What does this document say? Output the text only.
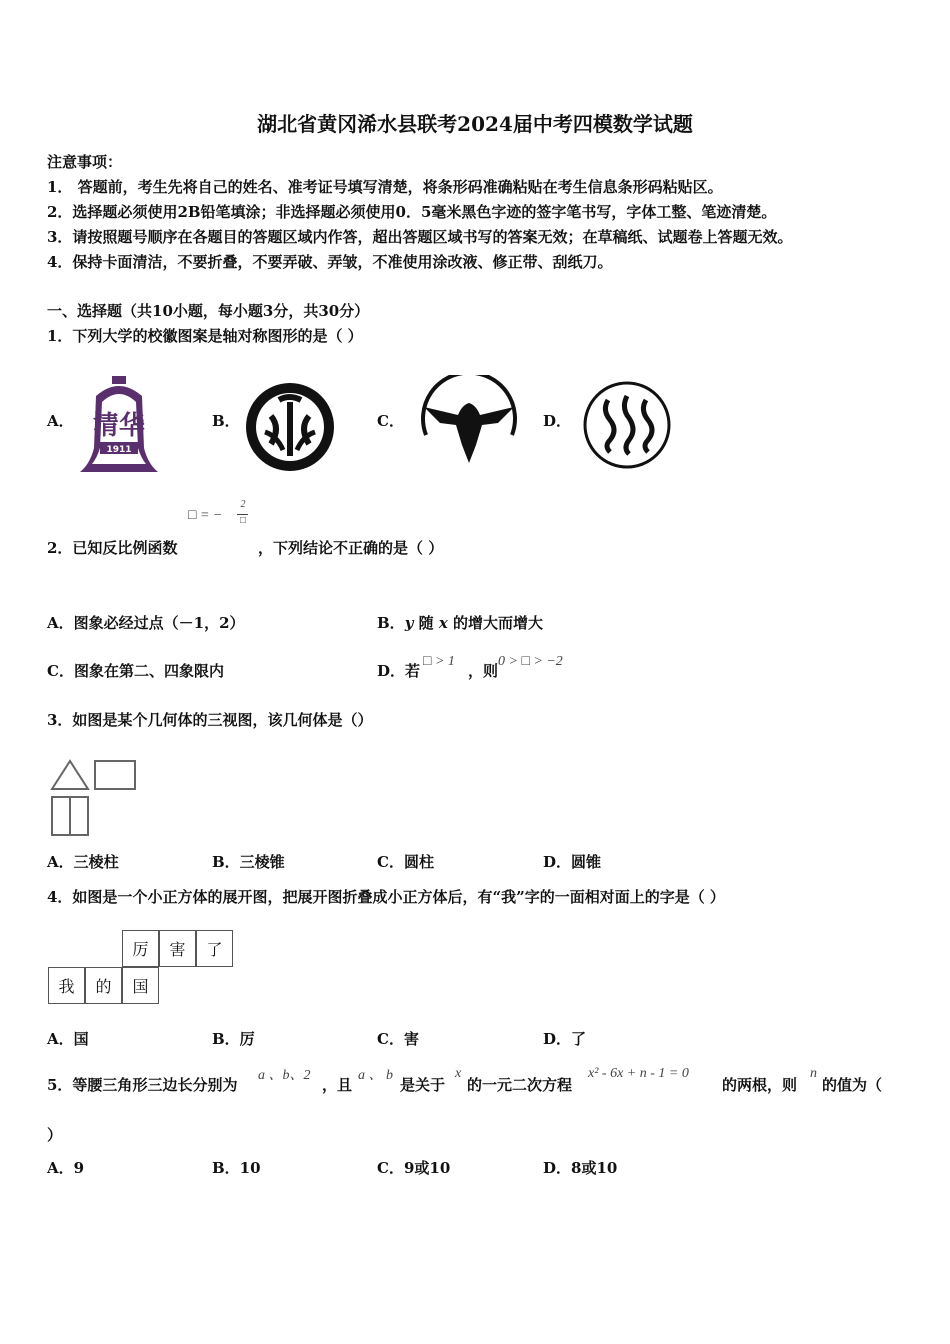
湖北省黄冈浠水县联考2024届中考四模数学试题
注意事项：
1． 答题前，考生先将自己的姓名、准考证号填写清楚，将条形码准确粘贴在考生信息条形码粘贴区。
2．选择题必须使用2B铅笔填涂；非选择题必须使用0．5毫米黑色字迹的签字笔书写，字体工整、笔迹清楚。
3．请按照题号顺序在各题目的答题区域内作答，超出答题区域书写的答案无效；在草稿纸、试题卷上答题无效。
4．保持卡面清洁，不要折叠，不要弄破、弄皱，不准使用涂改液、修正带、刮纸刀。
一、选择题（共10小题，每小题3分，共30分）
1．下列大学的校徽图案是轴对称图形的是（ ）
A．	B．	C．	D．
清华
1911
□ = −
2
□
2．已知反比例函数	，下列结论不正确的是（ ）
A．图象必经过点（－1，2）	B．y 随 x 的增大而增大
C．图象在第二、四象限内	D．若
□ > 1
，则
0 > □ > −2
3．如图是某个几何体的三视图，该几何体是（）
A．三棱柱	B．三棱锥	C．圆柱	D．圆锥
4．如图是一个小正方体的展开图，把展开图折叠成小正方体后，有“我”字的一面相对面上的字是（ ）
厉	害	了
我	的	国
A．国	B．厉	C．害	D．了
5．等腰三角形三边长分别为
a 、b、2
，且
a 、 b
是关于
x
的一元二次方程
x² - 6x + n - 1 = 0
的两根，则
n
的值为（
）
A．9	B．10	C．9或10	D．8或10
